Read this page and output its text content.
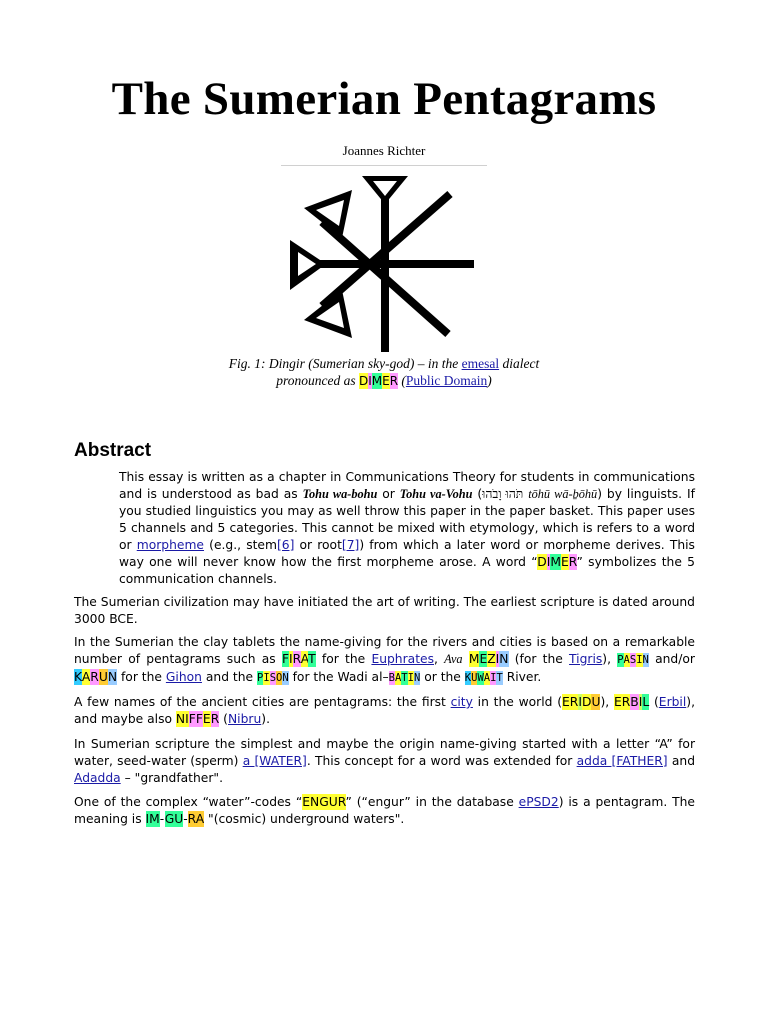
The Sumerian Pentagrams
Joannes Richter
Fig. 1: Dingir (Sumerian sky-god) – in the emesal dialect
pronounced as DIMER (Public Domain)
Abstract
This essay is written as a chapter in Communications Theory for students in communications and is understood as bad as Tohu wa-bohu or Tohu va-Vohu (תֹּהוּ וָבֹהוּ tōhū wā-ḇōhū) by linguists. If you studied linguistics you may as well throw this paper in the paper basket. This paper uses 5 channels and 5 categories. This cannot be mixed with etymology, which is refers to a word or morpheme (e.g., stem[6] or root[7]) from which a later word or morpheme derives. This way one will never know how the first morpheme arose. A word “DIMER” symbolizes the 5 communication channels.
The Sumerian civilization may have initiated the art of writing. The earliest scripture is dated around 3000 BCE.
In the Sumerian the clay tablets the name-giving for the rivers and cities is based on a remarkable number of pentagrams such as FIRAT for the Euphrates, Ava MEZIN (for the Tigris), PASIN and/or KARUN for the Gihon and the PISON for the Wadi al–BATIN or the KUWAIT River.
A few names of the ancient cities are pentagrams: the first city in the world (ERIDU), ERBIL (Erbil), and maybe also NIFFER (Nibru).
In Sumerian scripture the simplest and maybe the origin name-giving started with a letter “A” for water, seed-water (sperm) a [WATER]. This concept for a word was extended for adda [FATHER] and Adadda – "grandfather".
One of the complex “water”-codes “ENGUR” (“engur” in the database ePSD2) is a pentagram. The meaning is IM-GU-RA "(cosmic) underground waters".
